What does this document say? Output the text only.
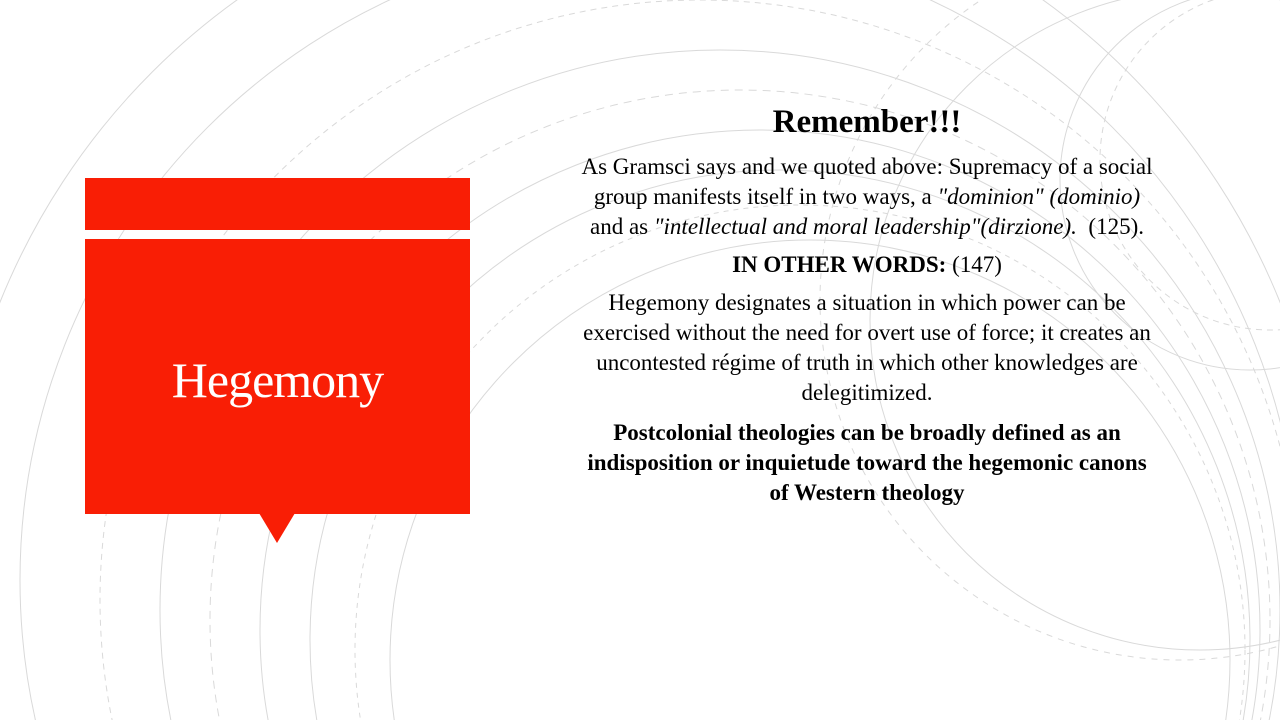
Hegemony

Remember!!!

As Gramsci says and we quoted above: Supremacy of a social
group manifests itself in two ways, a "dominion" (dominio)
and as "intellectual and moral leadership"(dirzione).  (125).

IN OTHER WORDS: (147)

Hegemony designates a situation in which power can be
exercised without the need for overt use of force; it creates an
uncontested régime of truth in which other knowledges are
delegitimized.

Postcolonial theologies can be broadly defined as an
indisposition or inquietude toward the hegemonic canons
of Western theology
